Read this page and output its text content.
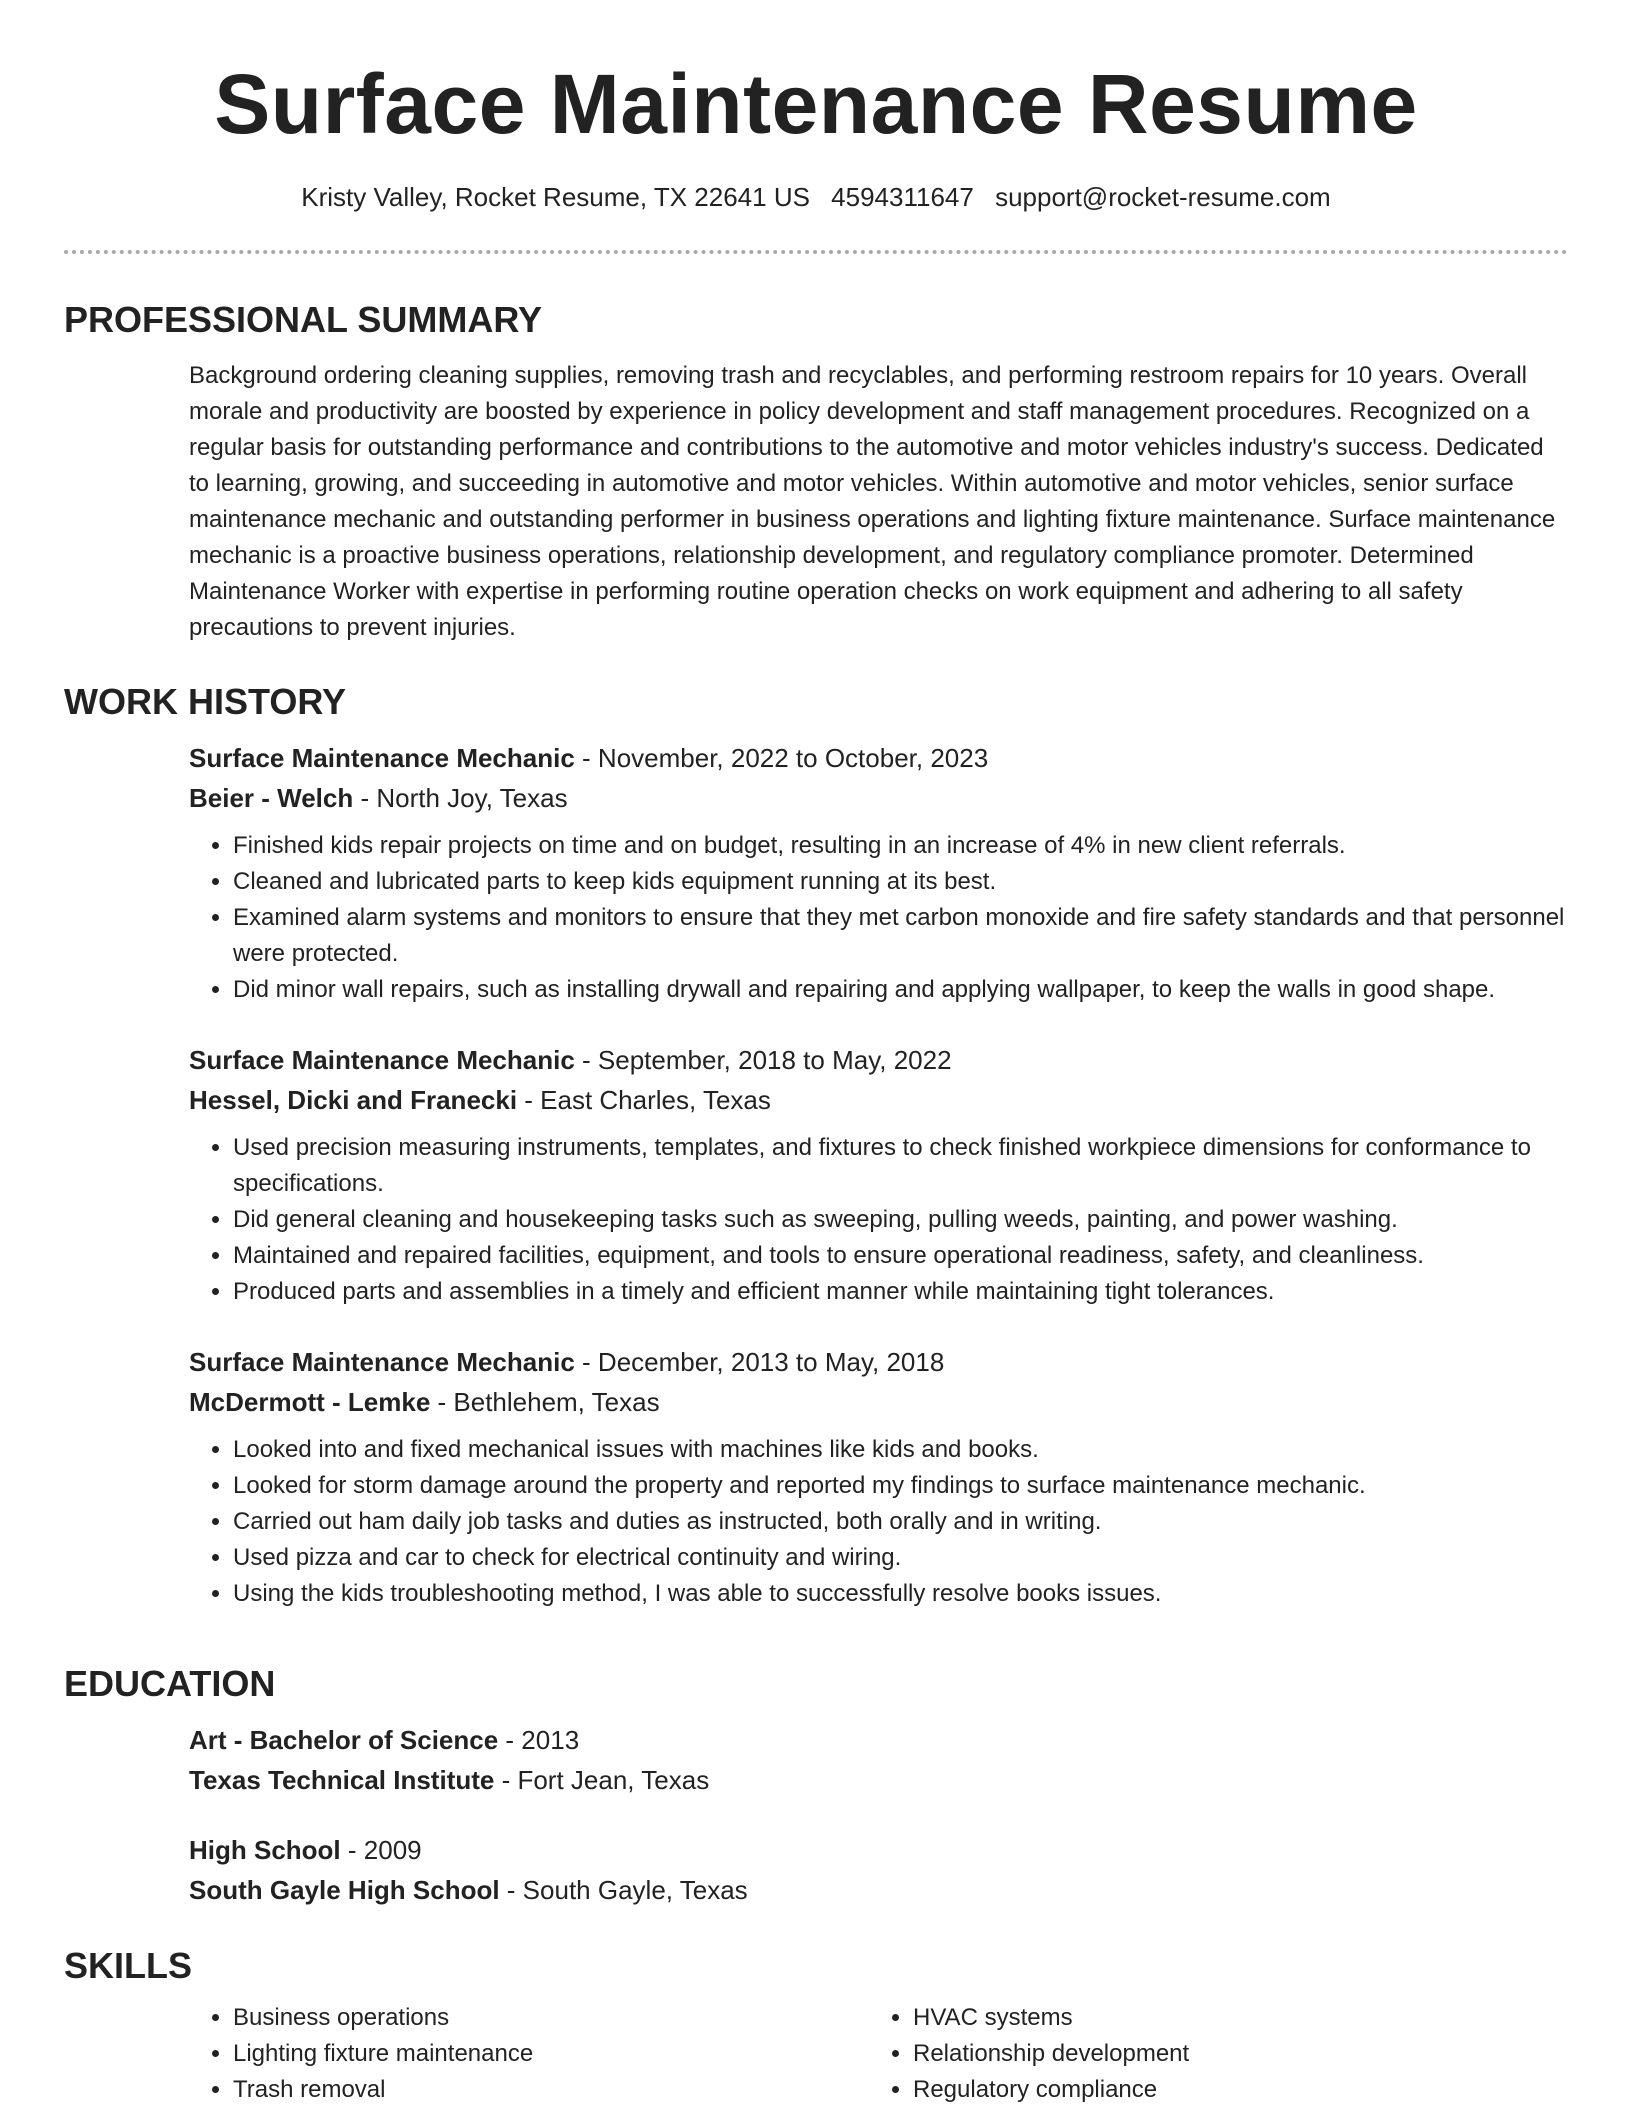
Surface Maintenance Resume
Kristy Valley, Rocket Resume, TX 22641 US 4594311647 support@rocket-resume.com
PROFESSIONAL SUMMARY
Background ordering cleaning supplies, removing trash and recyclables, and performing restroom repairs for 10 years. Overall morale and productivity are boosted by experience in policy development and staff management procedures. Recognized on a regular basis for outstanding performance and contributions to the automotive and motor vehicles industry's success. Dedicated to learning, growing, and succeeding in automotive and motor vehicles. Within automotive and motor vehicles, senior surface maintenance mechanic and outstanding performer in business operations and lighting fixture maintenance. Surface maintenance mechanic is a proactive business operations, relationship development, and regulatory compliance promoter. Determined Maintenance Worker with expertise in performing routine operation checks on work equipment and adhering to all safety precautions to prevent injuries.
WORK HISTORY
Surface Maintenance Mechanic - November, 2022 to October, 2023
Beier - Welch - North Joy, Texas
• Finished kids repair projects on time and on budget, resulting in an increase of 4% in new client referrals.
• Cleaned and lubricated parts to keep kids equipment running at its best.
• Examined alarm systems and monitors to ensure that they met carbon monoxide and fire safety standards and that personnel were protected.
• Did minor wall repairs, such as installing drywall and repairing and applying wallpaper, to keep the walls in good shape.
Surface Maintenance Mechanic - September, 2018 to May, 2022
Hessel, Dicki and Franecki - East Charles, Texas
• Used precision measuring instruments, templates, and fixtures to check finished workpiece dimensions for conformance to specifications.
• Did general cleaning and housekeeping tasks such as sweeping, pulling weeds, painting, and power washing.
• Maintained and repaired facilities, equipment, and tools to ensure operational readiness, safety, and cleanliness.
• Produced parts and assemblies in a timely and efficient manner while maintaining tight tolerances.
Surface Maintenance Mechanic - December, 2013 to May, 2018
McDermott - Lemke - Bethlehem, Texas
• Looked into and fixed mechanical issues with machines like kids and books.
• Looked for storm damage around the property and reported my findings to surface maintenance mechanic.
• Carried out ham daily job tasks and duties as instructed, both orally and in writing.
• Used pizza and car to check for electrical continuity and wiring.
• Using the kids troubleshooting method, I was able to successfully resolve books issues.
EDUCATION
Art - Bachelor of Science - 2013
Texas Technical Institute - Fort Jean, Texas
High School - 2009
South Gayle High School - South Gayle, Texas
SKILLS
• Business operations
• Lighting fixture maintenance
• Trash removal
• HVAC systems
• Relationship development
• Regulatory compliance
